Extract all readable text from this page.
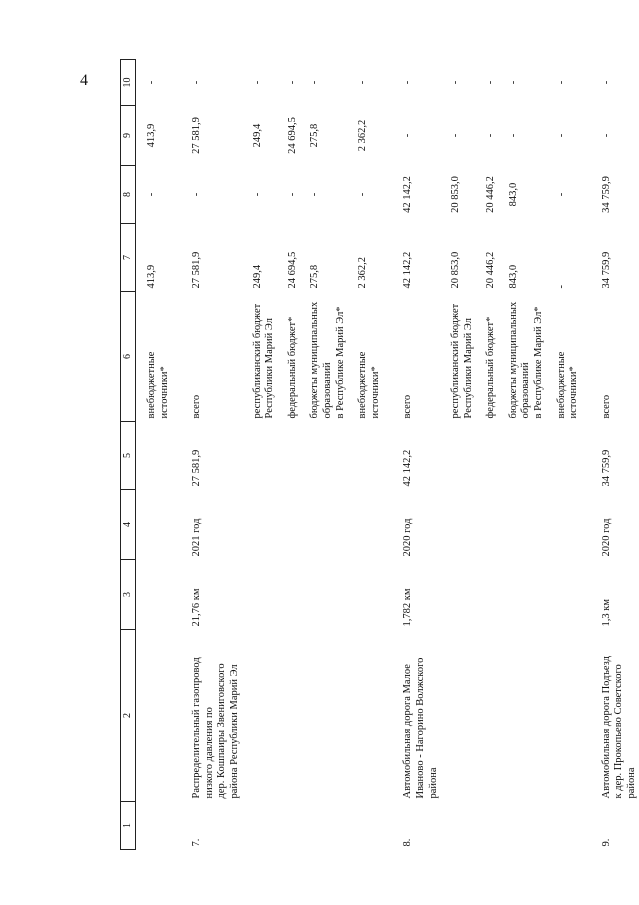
4
1	2	3	4	5	6	7	8	9	10

					внебюджетные
источники*	413,9	-	413,9	-

7.	Распределительный газопровод
низкого давления по
дер. Кошпаиры Звениговского
района Республики Марий Эл	21,76 км	2021 год	27 581,9	всего	27 581,9	-	27 581,9	-

					республиканский бюджет
Республики Марий Эл	249,4	-	249,4	-

					федеральный бюджет*	24 694,5	-	24 694,5	-

					бюджеты муниципальных
образований
в Республике Марий Эл*	275,8	-	275,8	-

					внебюджетные
источники*	2 362,2	-	2 362,2	-

8.	Автомобильная дорога Малое
Иваново - Нагорино Волжского
района	1,782 км	2020 год	42 142,2	всего	42 142,2	42 142,2	-	-

					республиканский бюджет
Республики Марий Эл	20 853,0	20 853,0	-	-

					федеральный бюджет*	20 446,2	20 446,2	-	-

					бюджеты муниципальных
образований
в Республике Марий Эл*	843,0	843,0	-	-

					внебюджетные
источники*	-	-	-	-

9.	Автомобильная дорога Подъезд
к дер. Прокопьево Советского
района	1,3 км	2020 год	34 759,9	всего	34 759,9	34 759,9	-	-
